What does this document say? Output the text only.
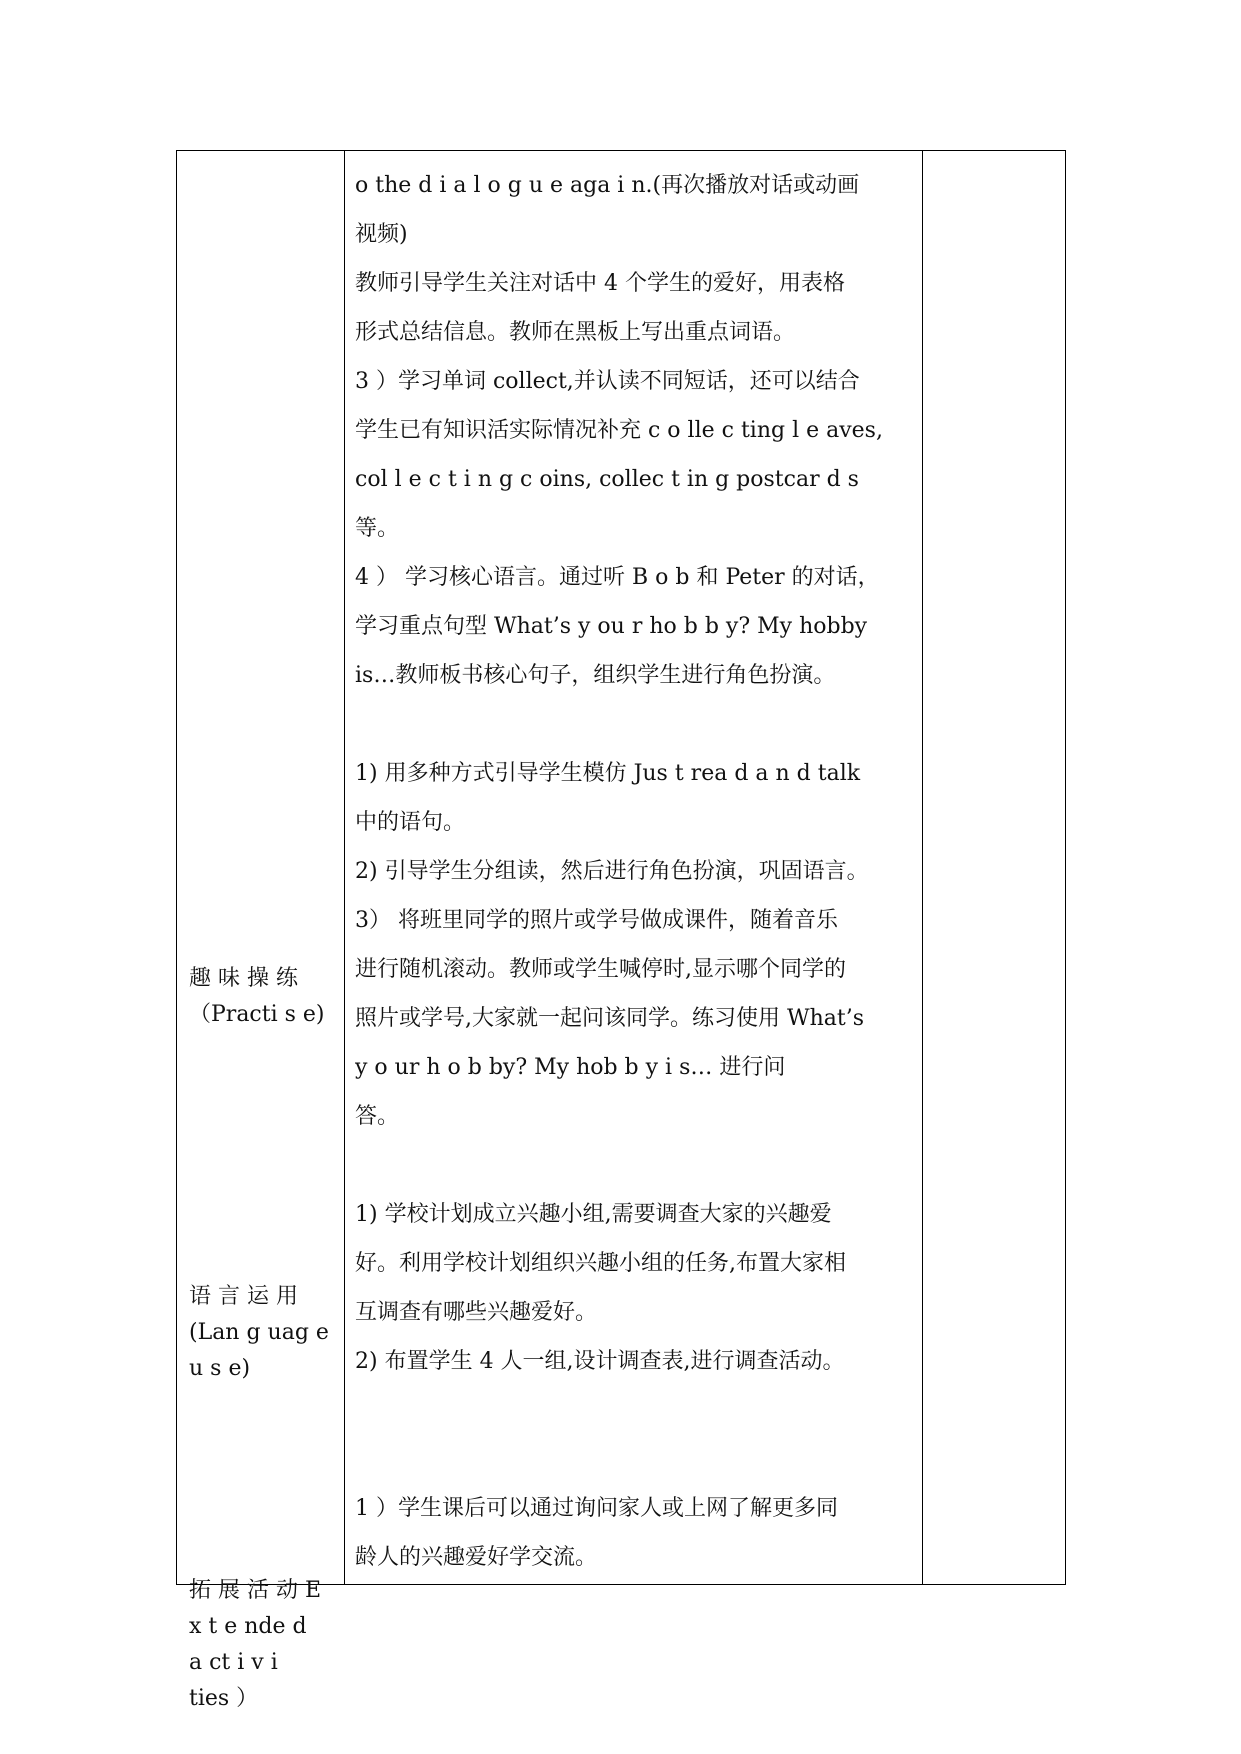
趣 味 操 练
（Practi s e)
语 言 运 用
(Lan g uag e
u s e)
拓 展 活 动 E
x t e nde d
a ct i v i
ties ）
o the d i a l o g u e aga i n.(再次播放对话或动画
视频)
教师引导学生关注对话中 4 个学生的爱好，用表格
形式总结信息。教师在黑板上写出重点词语。
3 ）学习单词 collect,并认读不同短话，还可以结合
学生已有知识活实际情况补充 c o lle c ting l e aves,
col l e c t i n g c oins, collec t in g postcar d s
等。
4 ） 学习核心语言。通过听 B o b 和 Peter 的对话，
学习重点句型 What’s y ou r ho b b y? My hobby
is…教师板书核心句子，组织学生进行角色扮演。
1) 用多种方式引导学生模仿 Jus t rea d a n d talk
中的语句。
2) 引导学生分组读，然后进行角色扮演，巩固语言。
3） 将班里同学的照片或学号做成课件，随着音乐
进行随机滚动。教师或学生喊停时,显示哪个同学的
照片或学号,大家就一起问该同学。练习使用 What’s
y o ur h o b by? My hob b y i s… 进行问
答。
1) 学校计划成立兴趣小组,需要调查大家的兴趣爱
好。利用学校计划组织兴趣小组的任务,布置大家相
互调查有哪些兴趣爱好。
2) 布置学生 4 人一组,设计调查表,进行调查活动。
1 ）学生课后可以通过询问家人或上网了解更多同
龄人的兴趣爱好学交流。
